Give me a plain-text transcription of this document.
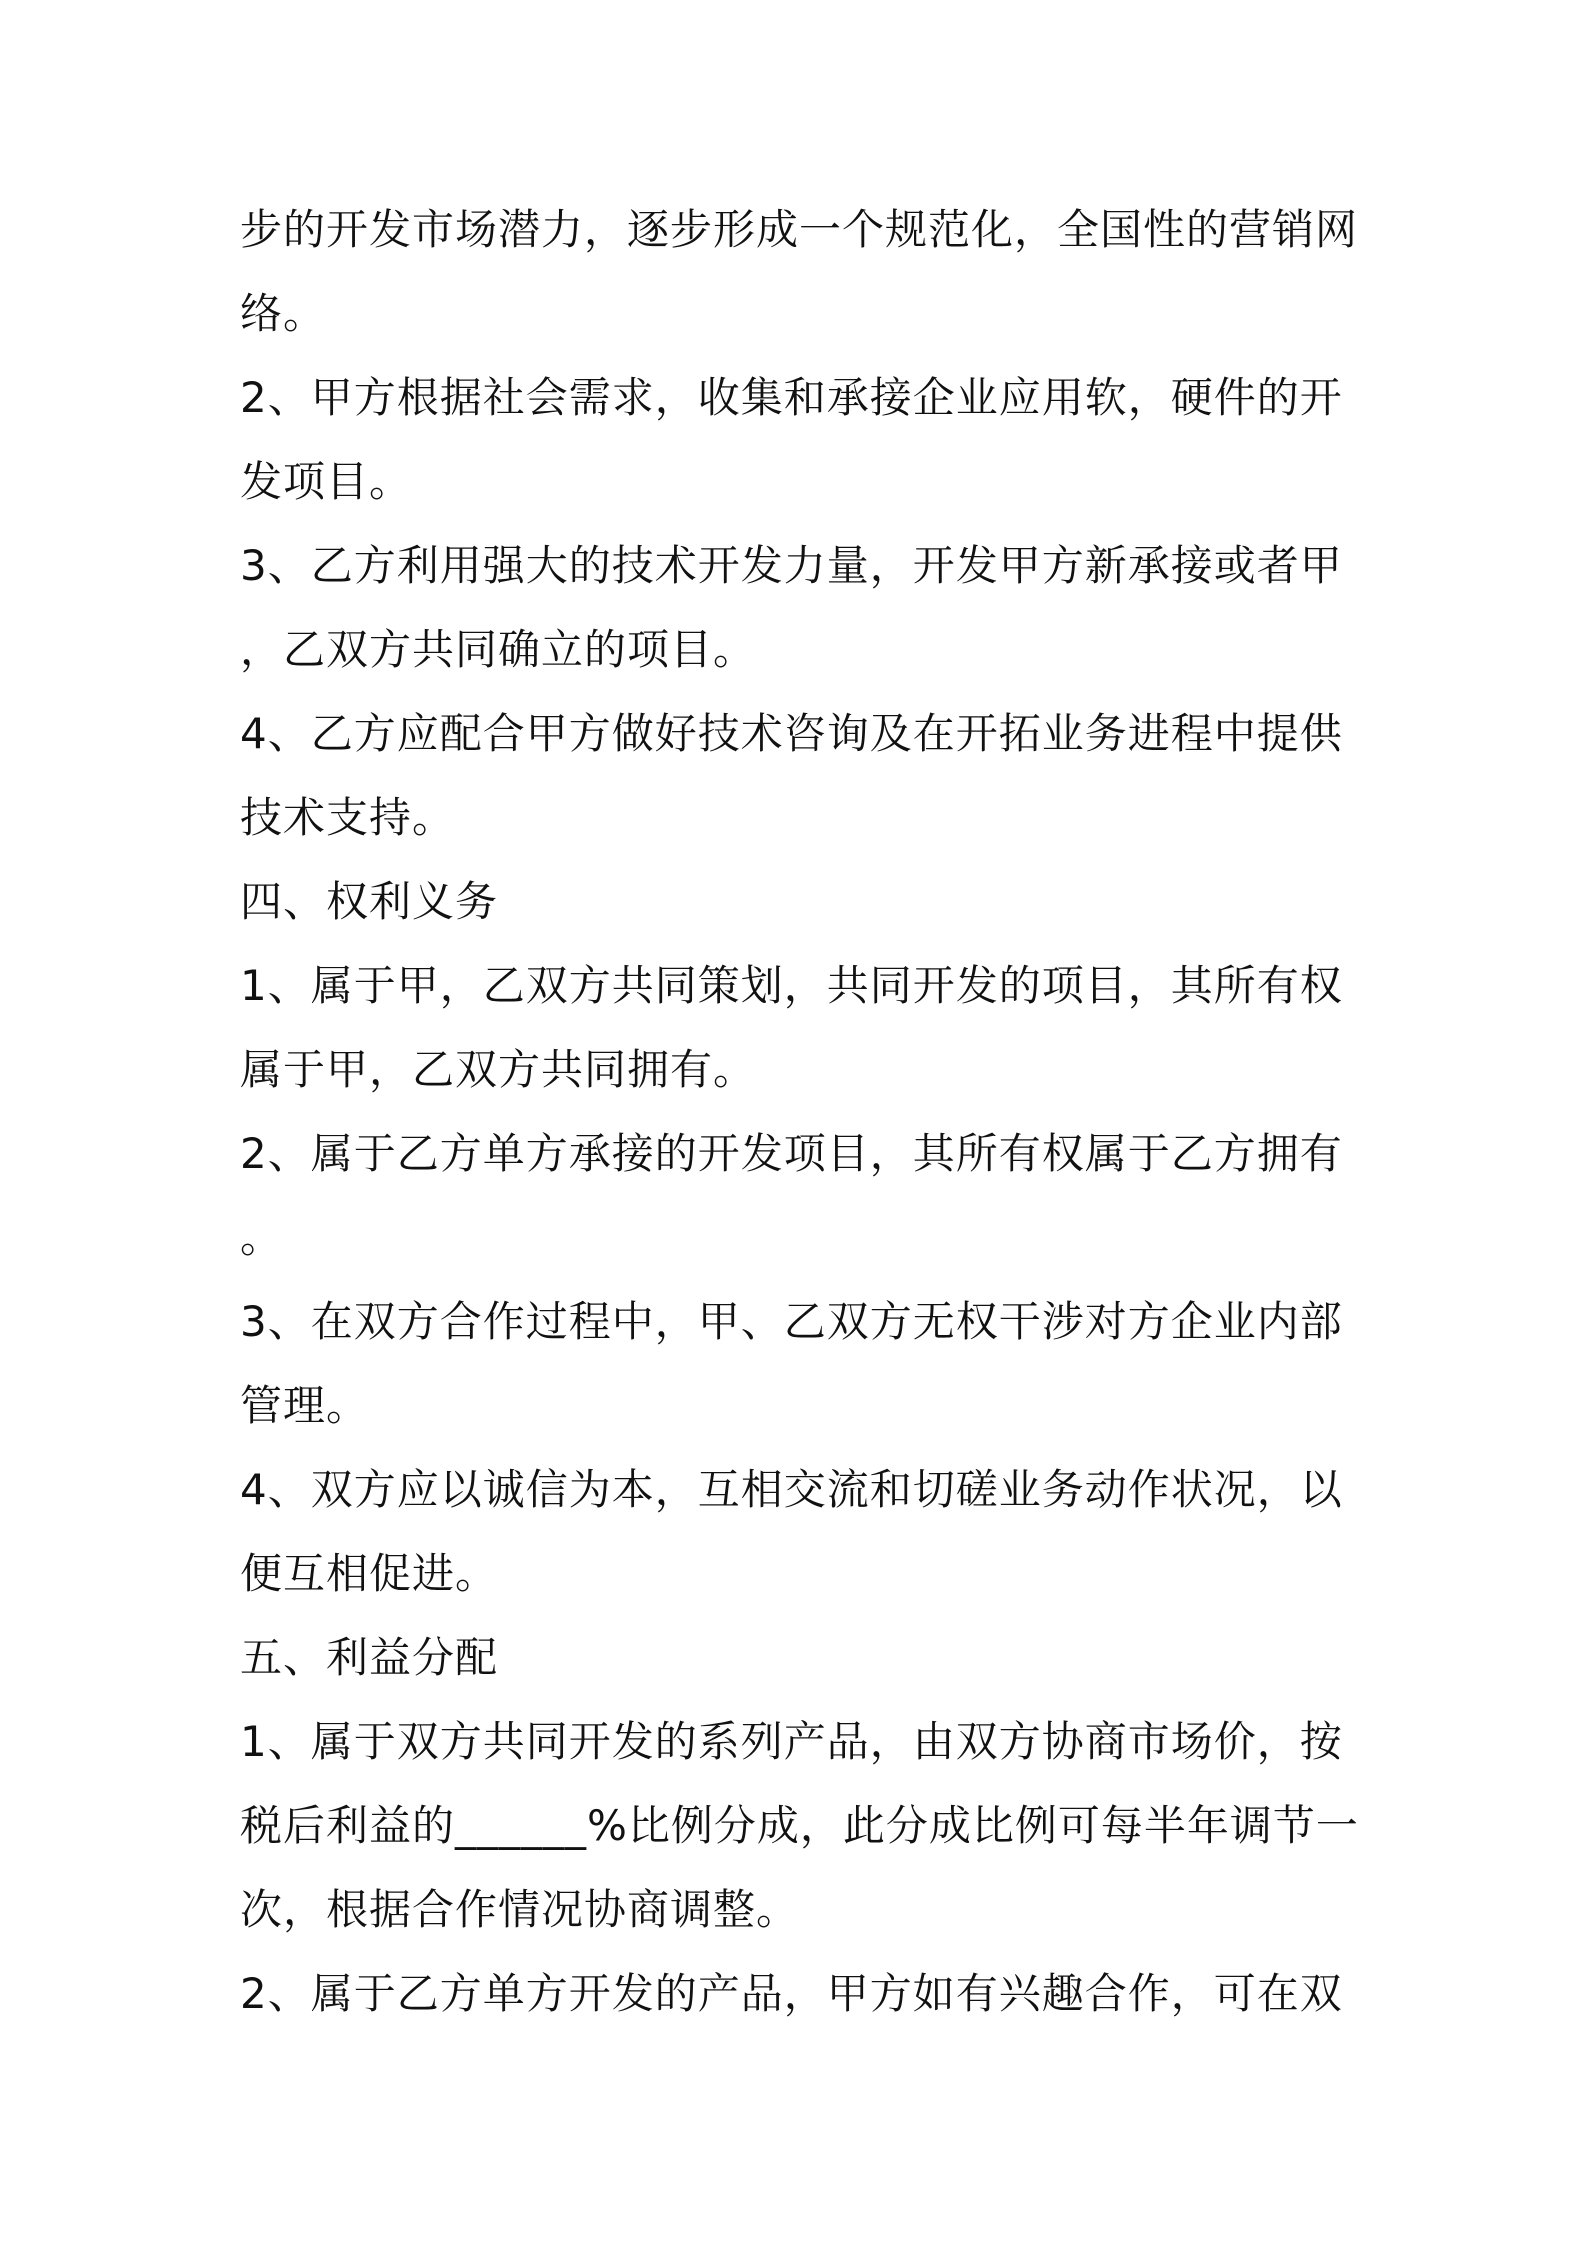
步的开发市场潜力，逐步形成一个规范化，全国性的营销网
络。
2、甲方根据社会需求，收集和承接企业应用软，硬件的开
发项目。
3、乙方利用强大的技术开发力量，开发甲方新承接或者甲
，乙双方共同确立的项目。
4、乙方应配合甲方做好技术咨询及在开拓业务进程中提供
技术支持。
四、权利义务
1、属于甲，乙双方共同策划，共同开发的项目，其所有权
属于甲，乙双方共同拥有。
2、属于乙方单方承接的开发项目，其所有权属于乙方拥有
。
3、在双方合作过程中，甲、乙双方无权干涉对方企业内部
管理。
4、双方应以诚信为本，互相交流和切磋业务动作状况，以
便互相促进。
五、利益分配
1、属于双方共同开发的系列产品，由双方协商市场价，按
税后利益的______%比例分成，此分成比例可每半年调节一
次，根据合作情况协商调整。
2、属于乙方单方开发的产品，甲方如有兴趣合作，可在双
